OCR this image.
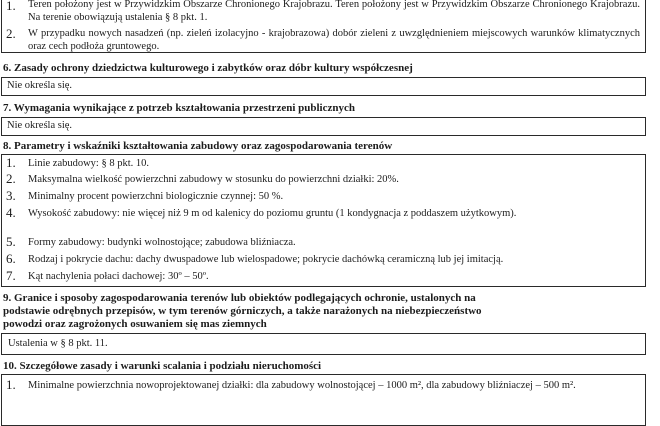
1. Teren położony jest w Przywidzkim Obszarze Chronionego Krajobrazu. Teren położony jest w Przywidzkim Obszarze Chronionego Krajobrazu. Na terenie obowiązują ustalenia § 8 pkt. 1.
2. W przypadku nowych nasadzeń (np. zieleń izolacyjno - krajobrazowa) dobór zieleni z uwzględnieniem miejscowych warunków klimatycznych oraz cech podłoża gruntowego.
6. Zasady ochrony dziedzictwa kulturowego i zabytków oraz dóbr kultury współczesnej
Nie określa się.
7. Wymagania wynikające z potrzeb kształtowania przestrzeni publicznych
Nie określa się.
8. Parametry i wskaźniki kształtowania zabudowy oraz zagospodarowania terenów
1. Linie zabudowy: § 8 pkt. 10.
2. Maksymalna wielkość powierzchni zabudowy w stosunku do powierzchni działki: 20%.
3. Minimalny procent powierzchni biologicznie czynnej: 50 %.
4. Wysokość zabudowy: nie więcej niż 9 m od kalenicy do poziomu gruntu (1 kondygnacja z poddaszem użytkowym).
5. Formy zabudowy: budynki wolnostojące; zabudowa bliźniacza.
6. Rodzaj i pokrycie dachu: dachy dwuspadowe lub wielospadowe; pokrycie dachówką ceramiczną lub jej imitacją.
7. Kąt nachylenia połaci dachowej: 30º – 50º.
9. Granice i sposoby zagospodarowania terenów lub obiektów podlegających ochronie, ustalonych na
podstawie odrębnych przepisów, w tym terenów górniczych, a także narażonych na niebezpieczeństwo
powodzi oraz zagrożonych osuwaniem się mas ziemnych
Ustalenia w § 8 pkt. 11.
10. Szczegółowe zasady i warunki scalania i podziału nieruchomości
1. Minimalne powierzchnia nowoprojektowanej działki: dla zabudowy wolnostojącej – 1000 m², dla zabudowy bliźniaczej – 500 m².
